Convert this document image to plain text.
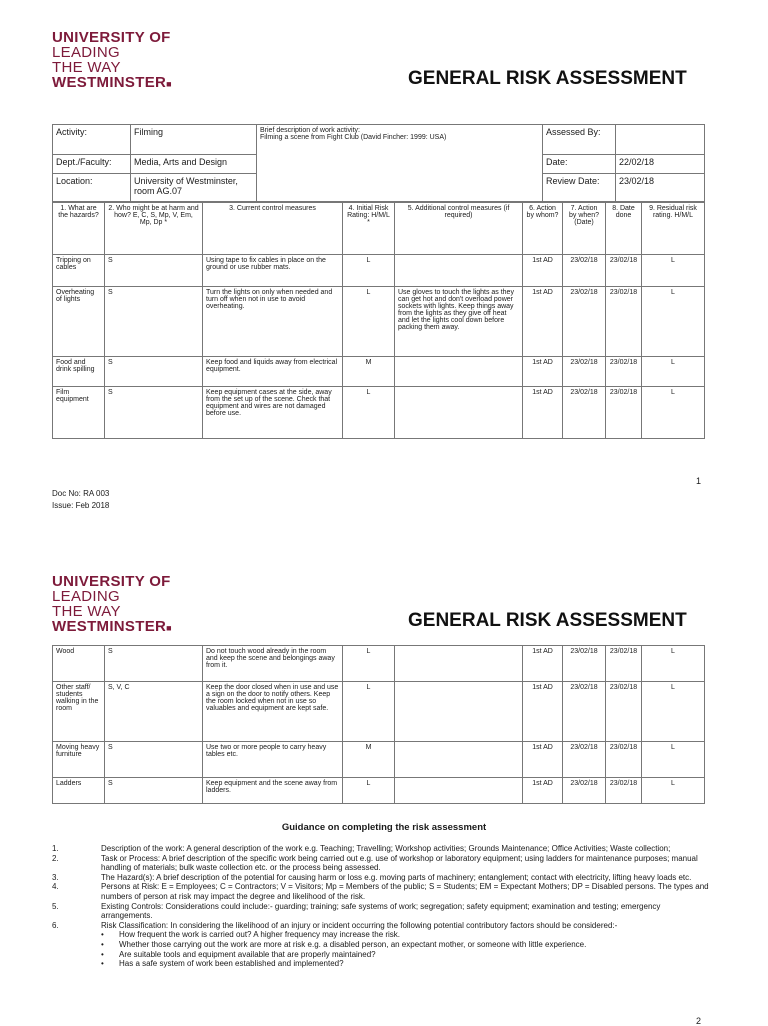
UNIVERSITY OF
LEADING
THE WAY
WESTMINSTER■	GENERAL RISK ASSESSMENT
Activity:	Filming	Brief description of work activity:
Filming a scene from Fight Club (David Fincher: 1999: USA)	Assessed By:	
Dept./Faculty:	Media, Arts and Design		Date:	22/02/18
Location:	University of Westminster, room AG.07		Review Date:	23/02/18
1. What are the hazards?	2. Who might be at harm and how? E, C, S, Mp, V, Em, Mp, Dp *	3. Current control measures	4. Initial Risk Rating: H/M/L *	5. Additional control measures (if required)	6. Action by whom?	7. Action by when? (Date)	8. Date done	9. Residual risk rating. H/M/L
Tripping on cables	S	Using tape to fix cables in place on the ground or use rubber mats.	L		1st AD	23/02/18	23/02/18	L
Overheating of lights	S	Turn the lights on only when needed and turn off when not in use to avoid overheating.	L	Use gloves to touch the lights as they can get hot and don't overload power sockets with lights. Keep things away from the lights as they give off heat and let the lights cool down before packing them away.	1st AD	23/02/18	23/02/18	L
Food and drink spilling	S	Keep food and liquids away from electrical equipment.	M		1st AD	23/02/18	23/02/18	L
Film equipment	S	Keep equipment cases at the side, away from the set up of the scene. Check that equipment and wires are not damaged before use.	L		1st AD	23/02/18	23/02/18	L
1
Doc No: RA 003
Issue: Feb 2018
UNIVERSITY OF
LEADING
THE WAY
WESTMINSTER■	GENERAL RISK ASSESSMENT
Wood	S	Do not touch wood already in the room and keep the scene and belongings away from it.	L		1st AD	23/02/18	23/02/18	L
Other staff/ students walking in the room	S, V, C	Keep the door closed when in use and use a sign on the door to notify others. Keep the room locked when not in use so valuables and equipment are kept safe.	L		1st AD	23/02/18	23/02/18	L
Moving heavy furniture	S	Use two or more people to carry heavy tables etc.	M		1st AD	23/02/18	23/02/18	L
Ladders	S	Keep equipment and the scene away from ladders.	L		1st AD	23/02/18	23/02/18	L
Guidance on completing the risk assessment
1.	Description of the work: A general description of the work e.g. Teaching; Travelling; Workshop activities; Grounds Maintenance; Office Activities; Waste collection;
2.	Task or Process: A brief description of the specific work being carried out e.g. use of workshop or laboratory equipment; using ladders for maintenance purposes; manual handling of materials; bulk waste collection etc. or the process being assessed.
3.	The Hazard(s): A brief description of the potential for causing harm or loss e.g. moving parts of machinery; entanglement; contact with electricity, lifting heavy loads etc.
4.	Persons at Risk: E = Employees; C = Contractors; V = Visitors; Mp = Members of the public; S = Students; EM = Expectant Mothers; DP = Disabled persons. The types and numbers of person at risk may impact the degree and likelihood of the risk.
5.	Existing Controls: Considerations could include:- guarding; training; safe systems of work; segregation; safety equipment; examination and testing; emergency arrangements.
6.	Risk Classification: In considering the likelihood of an injury or incident occurring the following potential contributory factors should be considered:-
•	How frequent the work is carried out? A higher frequency may increase the risk.
•	Whether those carrying out the work are more at risk e.g. a disabled person, an expectant mother, or someone with little experience.
•	Are suitable tools and equipment available that are properly maintained?
•	Has a safe system of work been established and implemented?
2
